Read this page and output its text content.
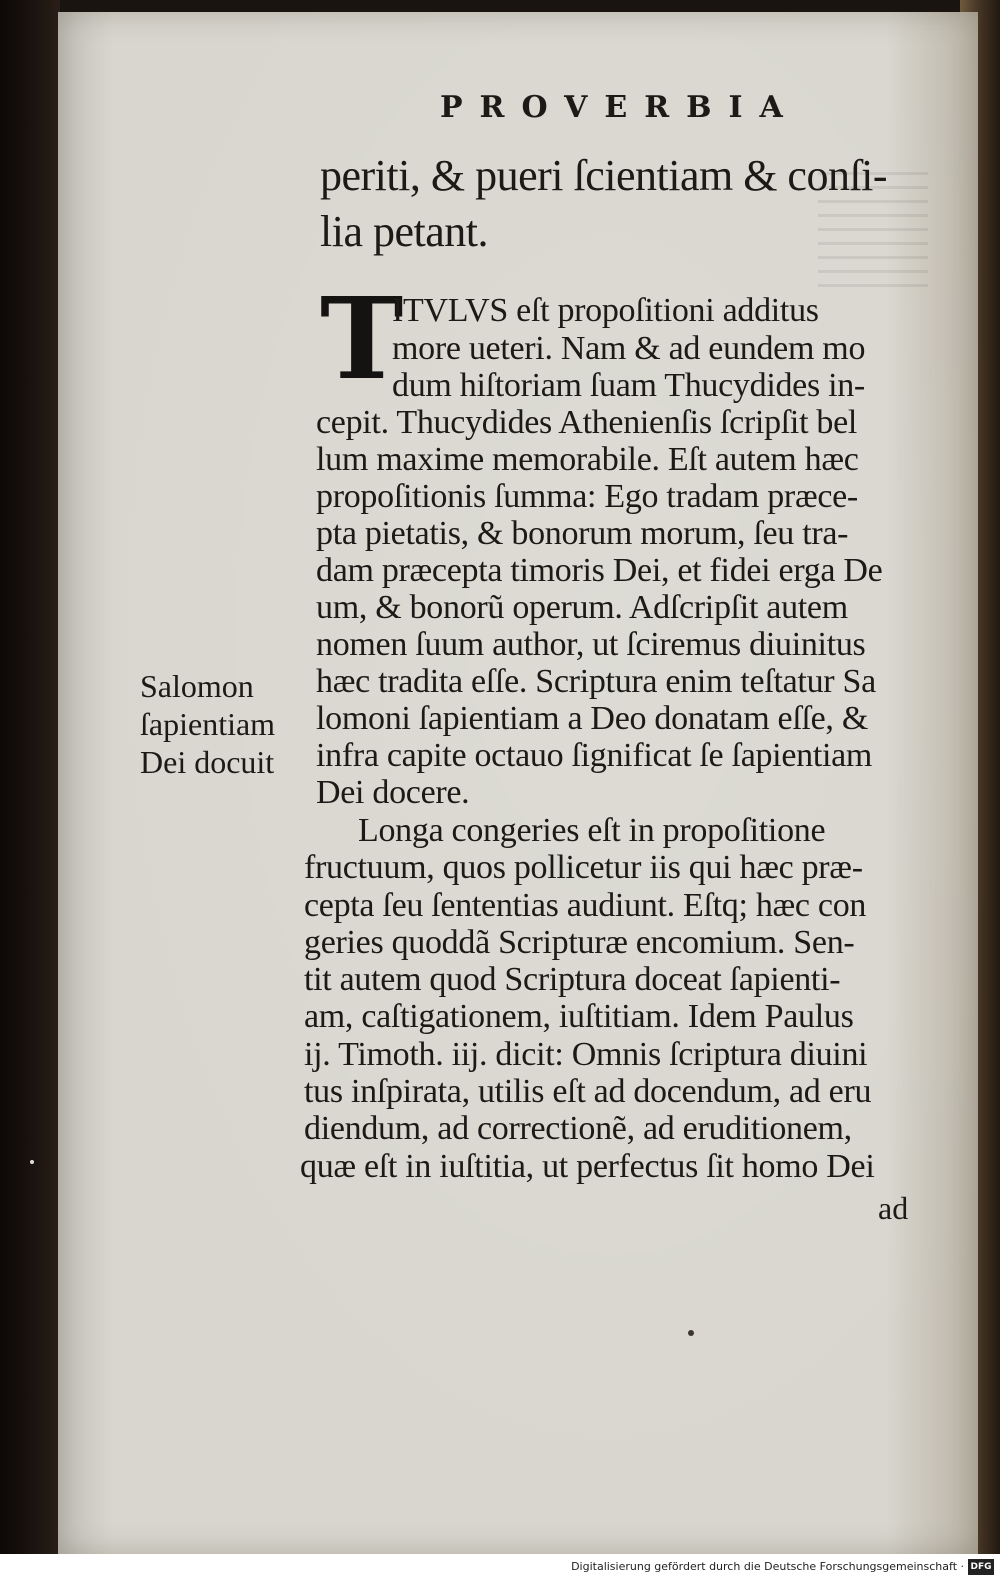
PROVERBIA
periti, & pueri ſcientiam & conſi-
lia petant.
T
ITVLVS eſt propoſitioni additus
more ueteri. Nam & ad eundem mo
dum hiſtoriam ſuam Thucydides in-
cepit. Thucydides Athenienſis ſcripſit bel
lum maxime memorabile. Eſt autem hæc
propoſitionis ſumma: Ego tradam præce-
pta pietatis, & bonorum morum, ſeu tra-
dam præcepta timoris Dei, et fidei erga De
um, & bonorũ operum. Adſcripſit autem
nomen ſuum author, ut ſciremus diuinitus
hæc tradita eſſe. Scriptura enim teſtatur Sa
lomoni ſapientiam a Deo donatam eſſe, &
infra capite octauo ſignificat ſe ſapientiam
Dei docere.
Longa congeries eſt in propoſitione
fructuum, quos pollicetur iis qui hæc præ-
cepta ſeu ſententias audiunt. Eſtq; hæc con
geries quoddã Scripturæ encomium. Sen-
tit autem quod Scriptura doceat ſapienti-
am, caſtigationem, iuſtitiam. Idem Paulus
ij. Timoth. iij. dicit: Omnis ſcriptura diuini
tus inſpirata, utilis eſt ad docendum, ad eru
diendum, ad correctionẽ, ad eruditionem,
quæ eſt in iuſtitia, ut perfectus ſit homo Dei
ad
Salomon
ſapientiam
Dei docuit
Digitalisierung gefördert durch die Deutsche Forschungsgemeinschaft · DFG
